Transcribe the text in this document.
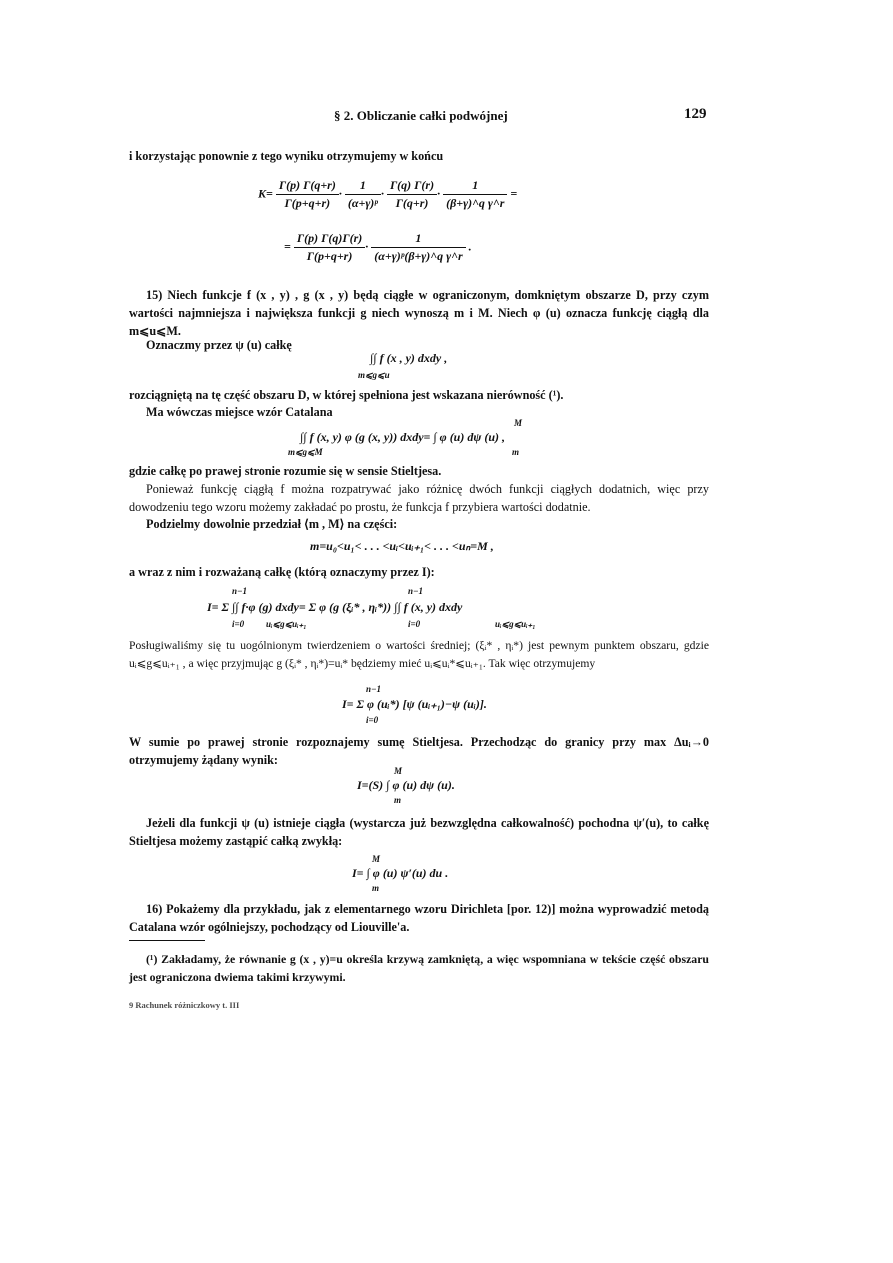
§ 2. Obliczanie całki podwójnej	129

i korzystając ponownie z tego wyniku otrzymujemy w końcu

$K= \frac{\Gamma(p) \Gamma(q+r)}{\Gamma(p+q+r)} \cdot \frac{1}{\text{(α+γ)ᵖ}} \cdot \frac{\Gamma(q) \Gamma(r)}{\Gamma(q+r)} \cdot \frac{1}{\text{(β+γ)\textasciicircum{}q γ\textasciicircum{}r}}$ =
= $\frac{\Gamma(p) \Gamma(q)\Gamma(r)}{\Gamma(p+q+r)} \cdot \frac{1}{\text{(α+γ)ᵖ(β+γ)\textasciicircum{}q γ\textasciicircum{}r}}$ .

15) Niech funkcje f (x , y) , g (x , y) będą ciągłe w ograniczonym, domkniętym obszarze D, przy czym wartości najmniejsza i największa funkcji g niech wynoszą m i M. Niech φ (u) oznacza funkcję ciągłą dla m⩽u⩽M.

Oznaczmy przez ψ (u) całkę

∫∫ f (x , y) dxdy ,
m⩽g⩽u

rozciągniętą na tę część obszaru D, w której spełniona jest wskazana nierówność (¹).

Ma wówczas miejsce wzór Catalana

M
∫∫ f (x, y) φ (g (x, y)) dxdy= ∫ φ (u) dψ (u) ,
m⩽g⩽M	m

gdzie całkę po prawej stronie rozumie się w sensie Stieltjesa.

Ponieważ funkcję ciągłą f można rozpatrywać jako różnicę dwóch funkcji ciągłych dodatnich, więc przy dowodzeniu tego wzoru możemy zakładać po prostu, że funkcja f przybiera wartości dodatnie.

Podzielmy dowolnie przedział ⟨m , M⟩ na części:

m=u₀<u₁< . . . <uᵢ<uᵢ₊₁< . . . <uₙ=M ,

a wraz z nim i rozważaną całkę (którą oznaczymy przez I):

n−1	n−1
I= Σ ∫∫ f·φ (g) dxdy= Σ φ (g (ξᵢ* , ηᵢ*)) ∫∫ f (x, y) dxdy
i=0 uᵢ⩽g⩽uᵢ₊₁	i=0	uᵢ⩽g⩽uᵢ₊₁

Posługiwaliśmy się tu uogólnionym twierdzeniem o wartości średniej; (ξᵢ* , ηᵢ*) jest pewnym punktem obszaru, gdzie uᵢ⩽g⩽uᵢ₊₁ , a więc przyjmując g (ξᵢ* , ηᵢ*)=uᵢ* będziemy mieć uᵢ⩽uᵢ*⩽uᵢ₊₁. Tak więc otrzymujemy

n−1
I= Σ φ (uᵢ*) [ψ (uᵢ₊₁)−ψ (uᵢ)].
i=0

W sumie po prawej stronie rozpoznajemy sumę Stieltjesa. Przechodząc do granicy przy max Δuᵢ→0 otrzymujemy żądany wynik:

M
I=(S) ∫ φ (u) dψ (u).
m

Jeżeli dla funkcji ψ (u) istnieje ciągła (wystarcza już bezwzględna całkowalność) pochodna ψ′(u), to całkę Stieltjesa możemy zastąpić całką zwykłą:

M
I= ∫ φ (u) ψ′(u) du .
m

16) Pokażemy dla przykładu, jak z elementarnego wzoru Dirichleta [por. 12)] można wyprowadzić metodą Catalana wzór ogólniejszy, pochodzący od Liouville'a.

(¹) Zakładamy, że równanie g (x , y)=u określa krzywą zamkniętą, a więc wspomniana w tekście część obszaru jest ograniczona dwiema takimi krzywymi.

9 Rachunek różniczkowy t. III
